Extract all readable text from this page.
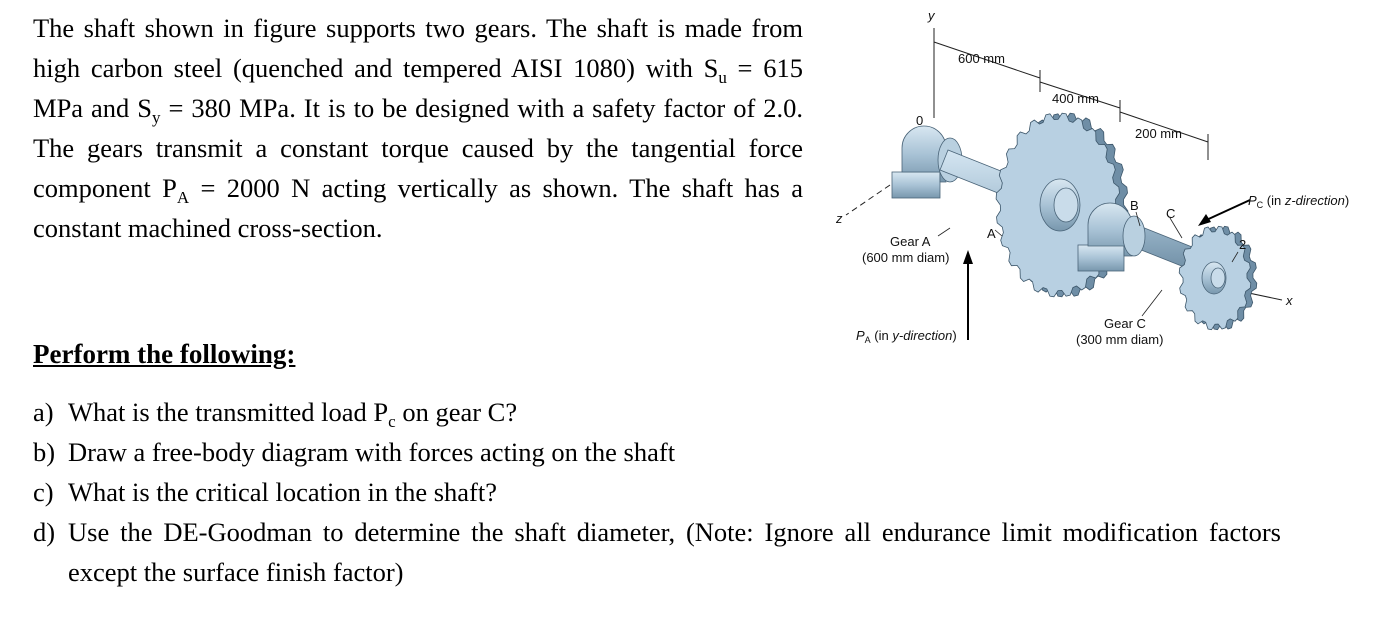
The shaft shown in figure supports two gears. The shaft is made from high carbon steel (quenched and tempered AISI 1080) with $S_u = 615$ MPa and $S_y = 380$ MPa. It is to be designed with a safety factor of 2.0. The gears transmit a constant torque caused by the tangential force component $P_A = 2000$ N acting vertically as shown. The shaft has a constant machined cross-section.
Perform the following:
a) What is the transmitted load $P_c$ on gear C?
b) Draw a free-body diagram with forces acting on the shaft
c) What is the critical location in the shaft?
d) Use the DE-Goodman to determine the shaft diameter, (Note: Ignore all endurance limit modification factors except the surface finish factor)
y
z
x
600 mm
400 mm
200 mm
0
Gear A
(600 mm diam)
A
B
C
2
Gear C
(300 mm diam)
$P_A$ (in y-direction)
$P_C$ (in z-direction)
